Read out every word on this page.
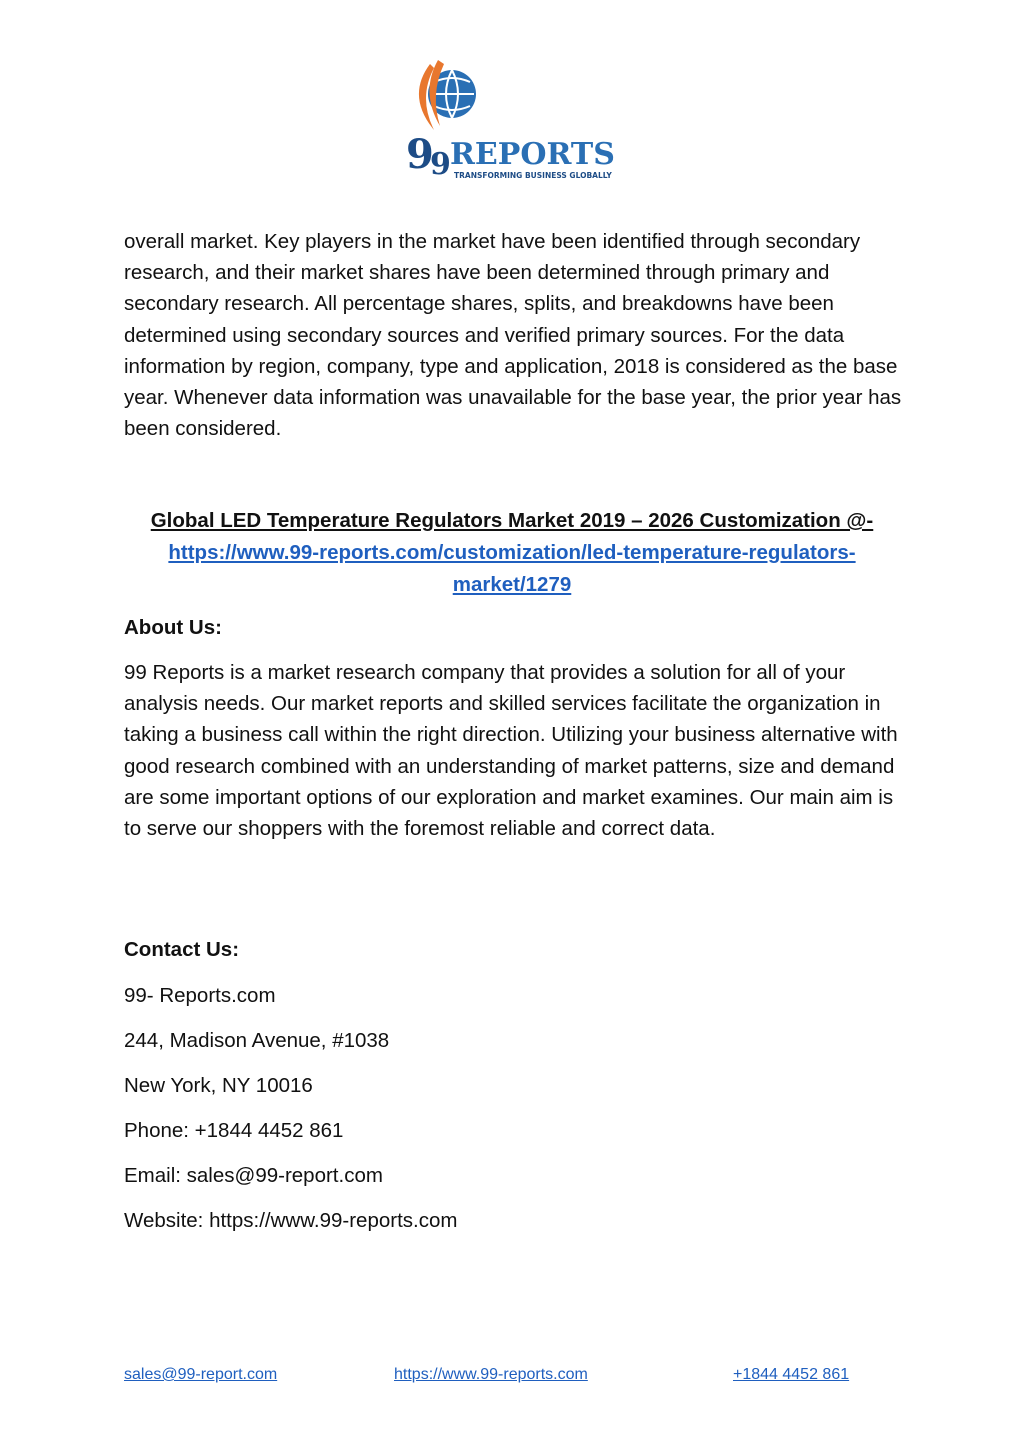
9
9 REPORTS
TRANSFORMING BUSINESS GLOBALLY

overall market. Key players in the market have been identified through secondary research, and their market shares have been determined through primary and secondary research. All percentage shares, splits, and breakdowns have been determined using secondary sources and verified primary sources. For the data information by region, company, type and application, 2018 is considered as the base year. Whenever data information was unavailable for the base year, the prior year has been considered.

Global LED Temperature Regulators Market 2019 – 2026 Customization @-
https://www.99-reports.com/customization/led-temperature-regulators-
market/1279
About Us:

99 Reports is a market research company that provides a solution for all of your analysis needs. Our market reports and skilled services facilitate the organization in taking a business call within the right direction. Utilizing your business alternative with good research combined with an understanding of market patterns, size and demand are some important options of our exploration and market examines. Our main aim is to serve our shoppers with the foremost reliable and correct data.

Contact Us:
99- Reports.com
244, Madison Avenue, #1038
New York, NY 10016
Phone: +1844 4452 861
Email: sales@99-report.com
Website: https://www.99-reports.com
sales@99-report.com	https://www.99-reports.com	+1844 4452 861
